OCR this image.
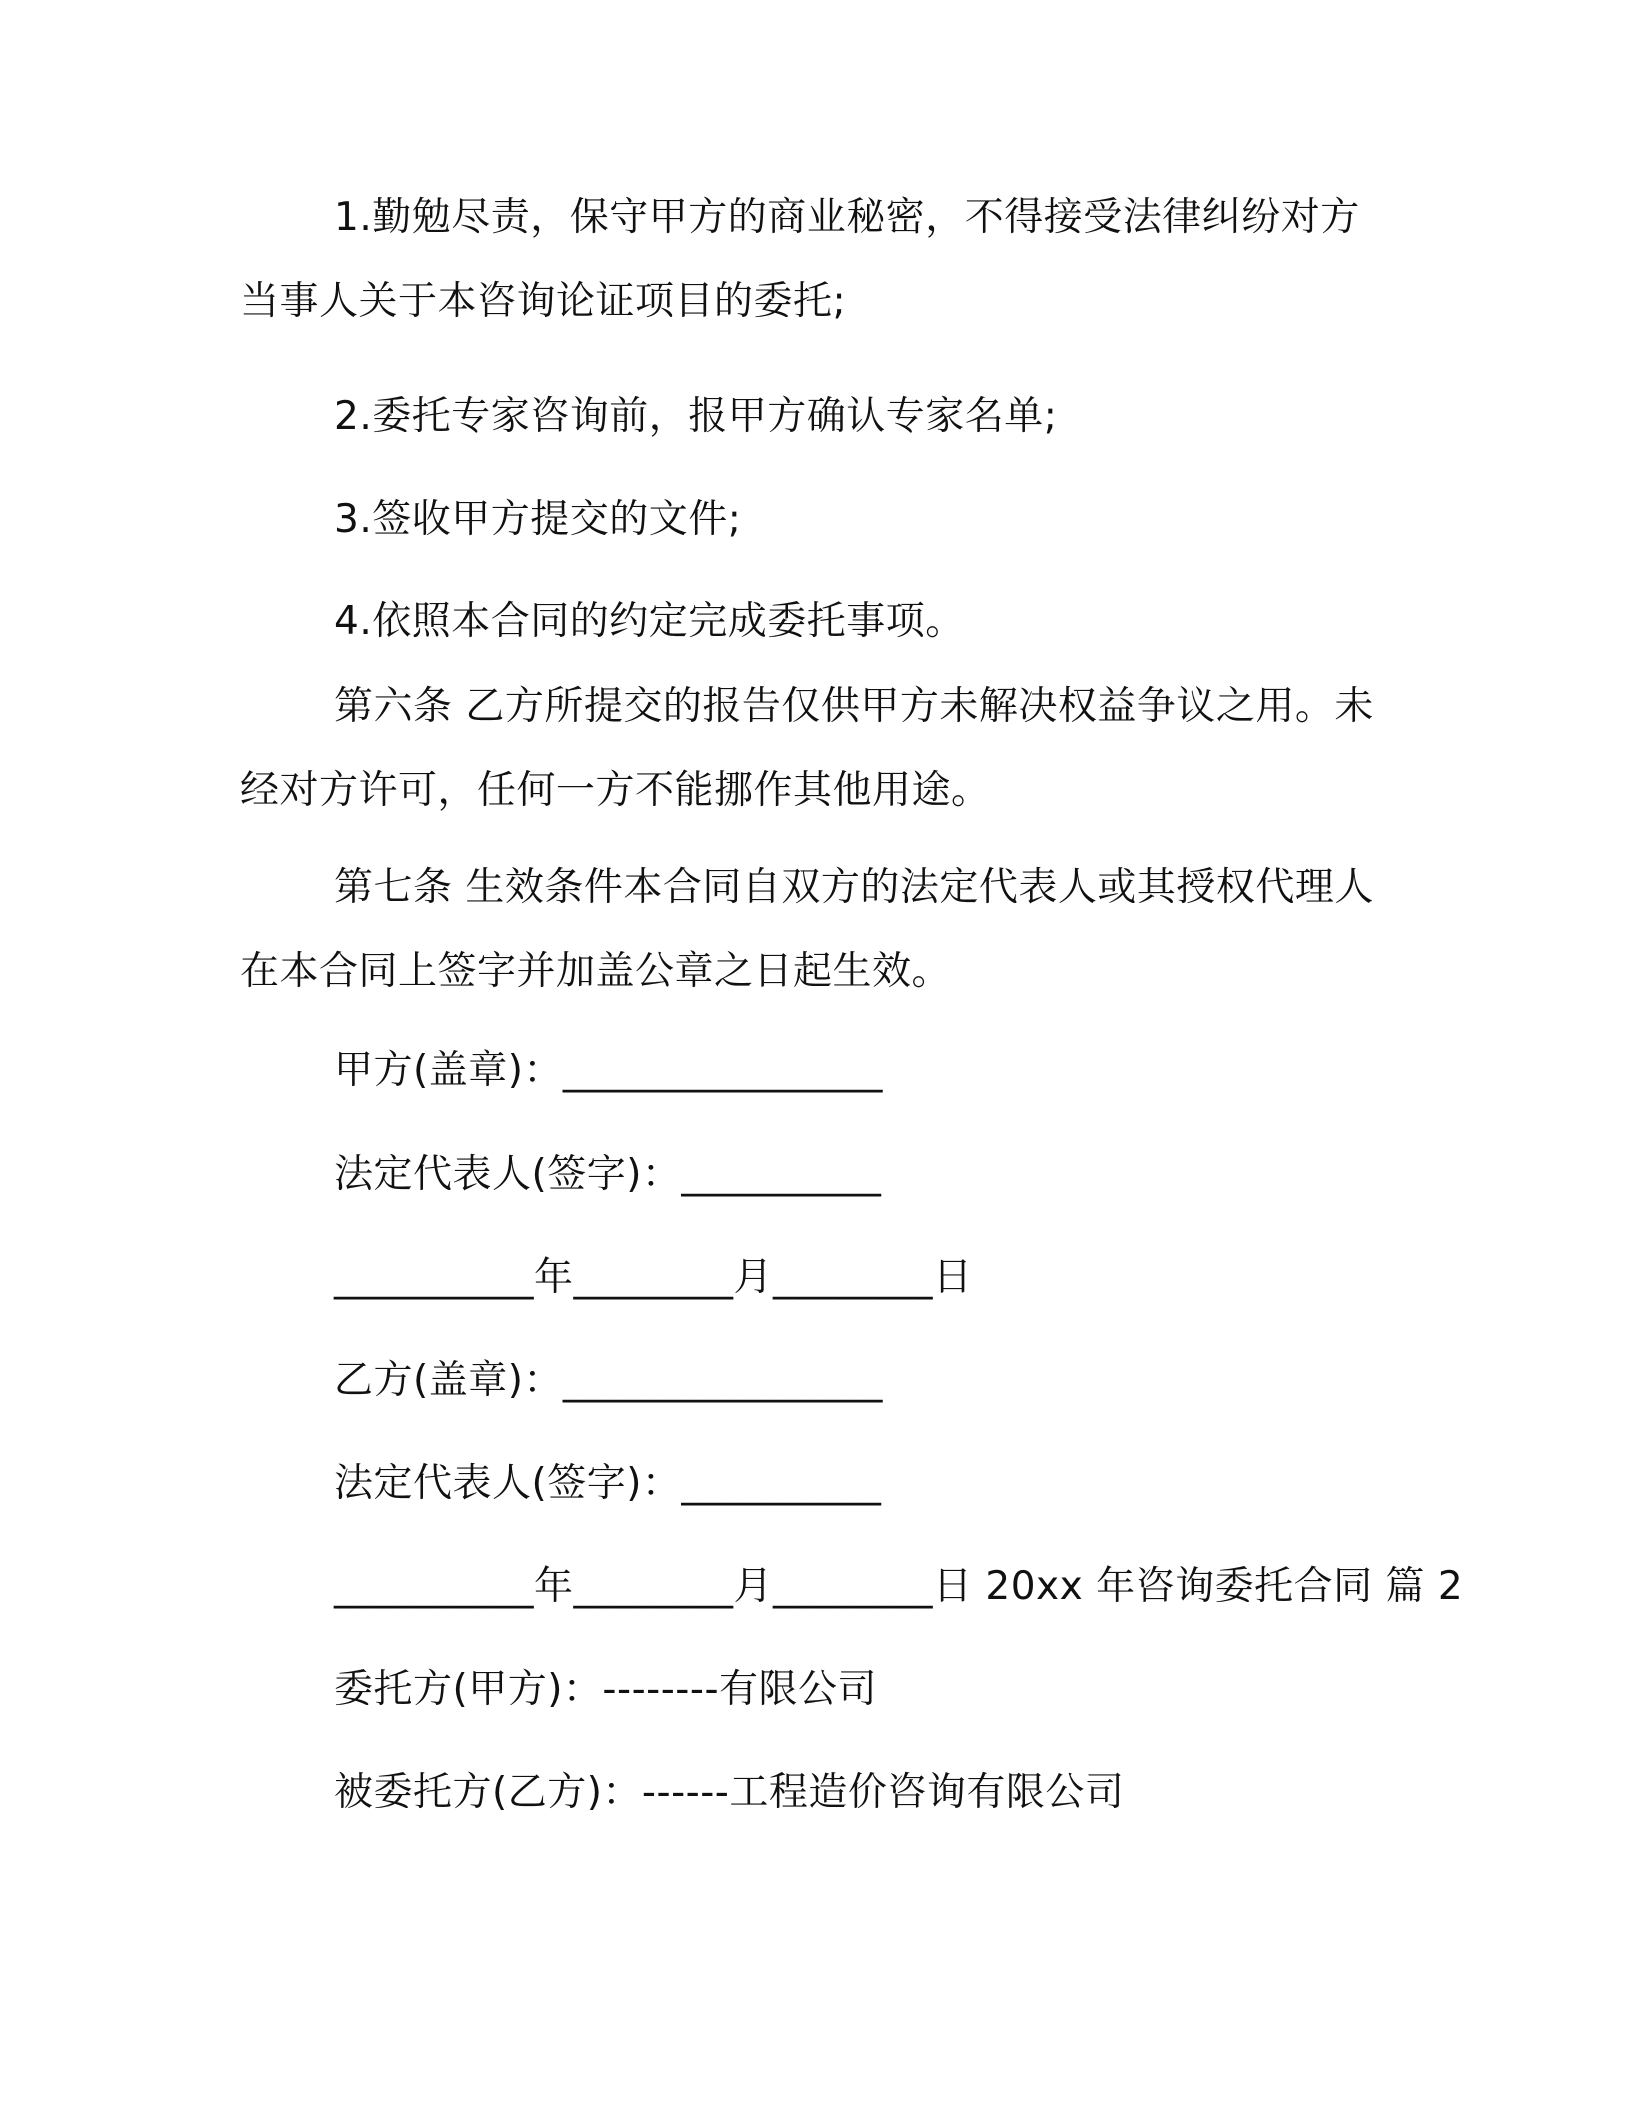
1.勤勉尽责，保守甲方的商业秘密，不得接受法律纠纷对方当事人关于本咨询论证项目的委托;
2.委托专家咨询前，报甲方确认专家名单;
3.签收甲方提交的文件;
4.依照本合同的约定完成委托事项。
第六条 乙方所提交的报告仅供甲方未解决权益争议之用。未经对方许可，任何一方不能挪作其他用途。
第七条 生效条件本合同自双方的法定代表人或其授权代理人在本合同上签字并加盖公章之日起生效。
甲方(盖章)：________________
法定代表人(签字)：__________
__________年________月________日
乙方(盖章)：________________
法定代表人(签字)：__________
__________年________月________日 20xx 年咨询委托合同 篇 2
委托方(甲方)：--------有限公司
被委托方(乙方)：------工程造价咨询有限公司
